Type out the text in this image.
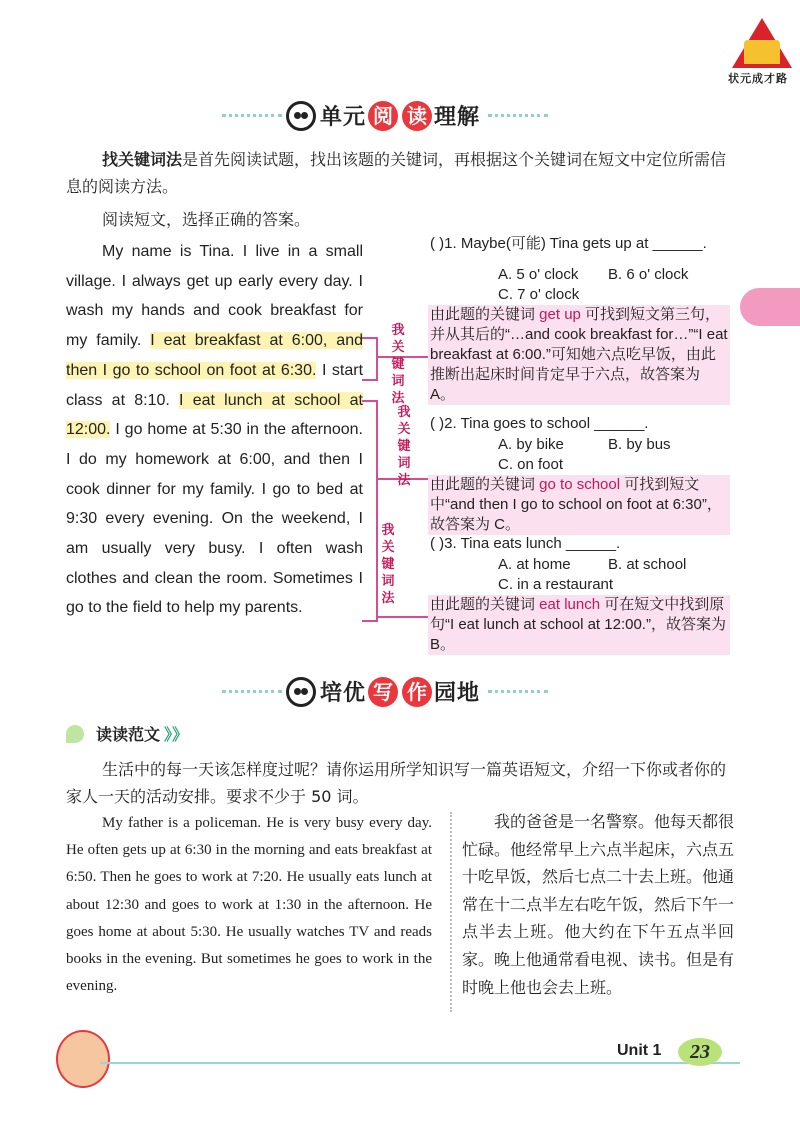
状元成才路
单元 阅 读 理解
找关键词法是首先阅读试题，找出该题的关键词，再根据这个关键词在短文中定位所需信息的阅读方法。
阅读短文，选择正确的答案。
My name is Tina. I live in a small village. I always get up early every day. I wash my hands and cook breakfast for my family. I eat breakfast at 6:00, and then I go to school on foot at 6:30. I start class at 8:10. I eat lunch at school at 12:00. I go home at 5:30 in the afternoon. I do my homework at 6:00, and then I cook dinner for my family. I go to bed at 9:30 every evening. On the weekend, I am usually very busy. I often wash clothes and clean the room. Sometimes I go to the field to help my parents.
我关键词法
我关键词法
我关键词法
( )1. Maybe(可能) Tina gets up at ______.
A. 5 o' clock B. 6 o' clock
C. 7 o' clock
由此题的关键词 get up 可找到短文第三句，并从其后的“…and cook breakfast for…”“I eat breakfast at 6:00.”可知她六点吃早饭，由此推断出起床时间肯定早于六点，故答案为 A。
( )2. Tina goes to school ______.
A. by bike	B. by bus
C. on foot
由此题的关键词 go to school 可找到短文中“and then I go to school on foot at 6:30”，故答案为 C。
( )3. Tina eats lunch ______.
A. at home B. at school
C. in a restaurant
由此题的关键词 eat lunch 可在短文中找到原句“I eat lunch at school at 12:00.”，故答案为 B。
培优 写 作 园地
读读范文 》》
生活中的每一天该怎样度过呢？请你运用所学知识写一篇英语短文，介绍一下你或者你的家人一天的活动安排。要求不少于 50 词。
My father is a policeman. He is very busy every day. He often gets up at 6:30 in the morning and eats breakfast at 6:50. Then he goes to work at 7:20. He usually eats lunch at about 12:30 and goes to work at 1:30 in the afternoon. He goes home at about 5:30. He usually watches TV and reads books in the evening. But sometimes he goes to work in the evening.
我的爸爸是一名警察。他每天都很忙碌。他经常早上六点半起床，六点五十吃早饭，然后七点二十去上班。他通常在十二点半左右吃午饭，然后下午一点半去上班。他大约在下午五点半回家。晚上他通常看电视、读书。但是有时晚上他也会去上班。
Unit 1	23
